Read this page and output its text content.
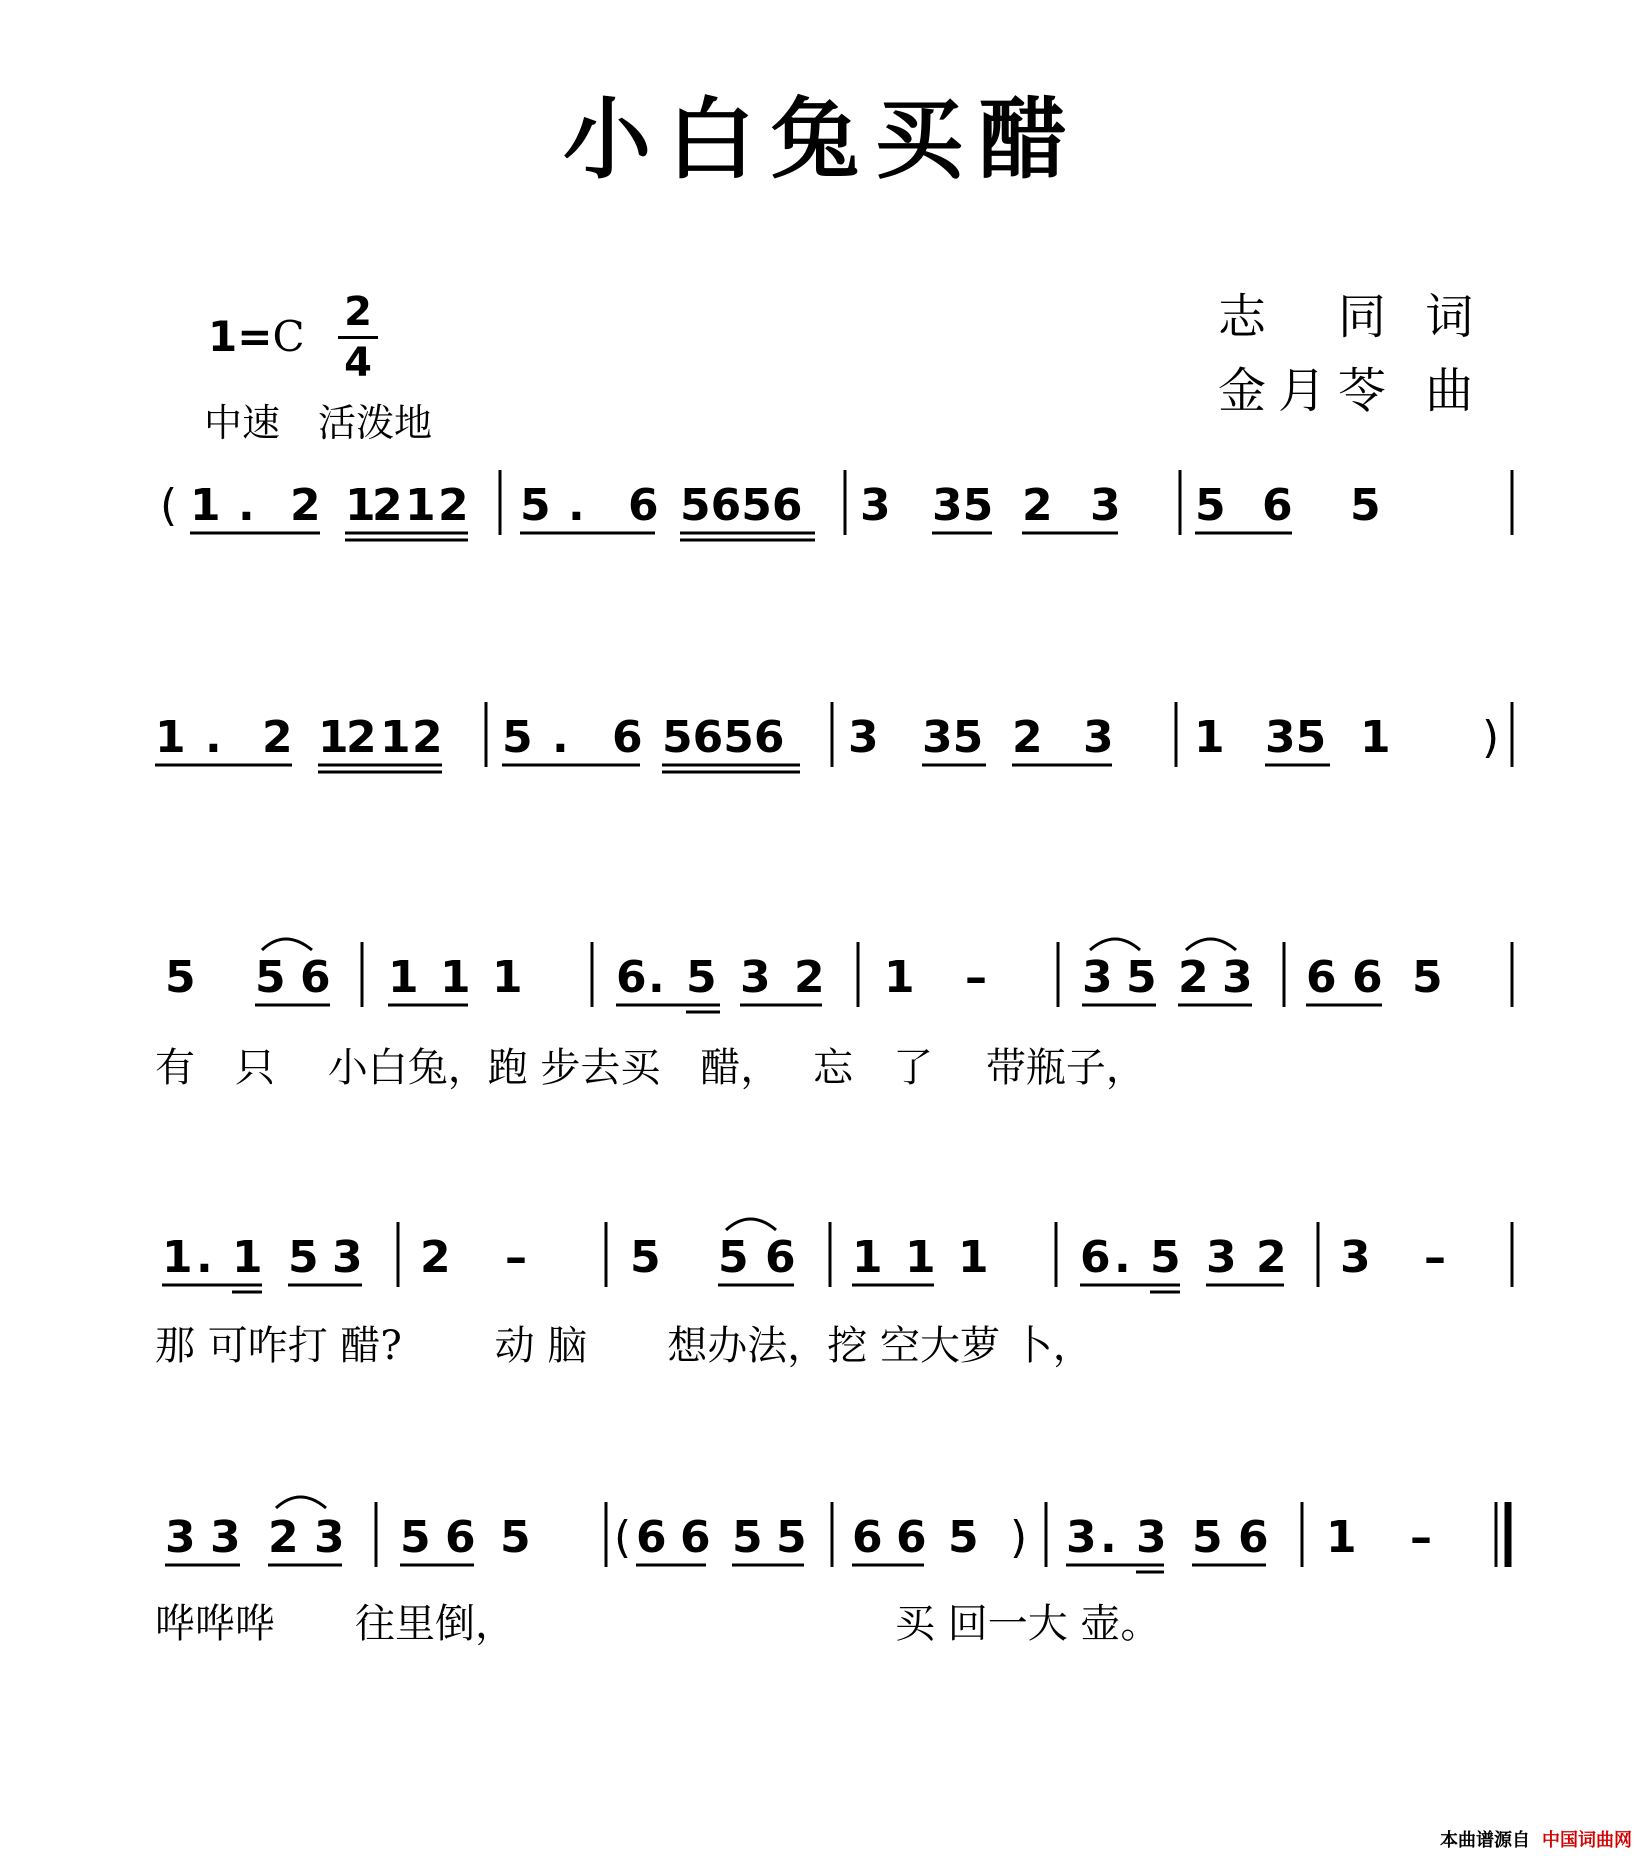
小白兔买醋
1=C 2
4
中速　活泼地
志　同 词
金月苓 曲
( 1 . 2 1
2 1 2 5 . 6 5656 3 35 2 3 5 6 5
1 . 2 1
2 1 2 5 . 6 5656 3 35 2 3 1 35 1 )
5 5 6 1 1 1 6 . 5 3 2 1 – 3 5 2 3 6 6 5
1 . 1 5 3 2 – 5 5 6 1 1 1 6 . 5 3 2 3 –
3 3 2 3 5 6 5 ( 6 6 5 5 6 6 5 ) 3 . 3 5 6 1 –
有　只　 小白兔，跑 步去买　醋，　 忘　了　 带瓶子，
那 可咋打 醋?　　 动 脑　　想办法，挖 空大萝 卜，
哗哗哗　　往里倒，　　　　　　　　　　买 回一大 壶。
本曲谱源自 中国词曲网
